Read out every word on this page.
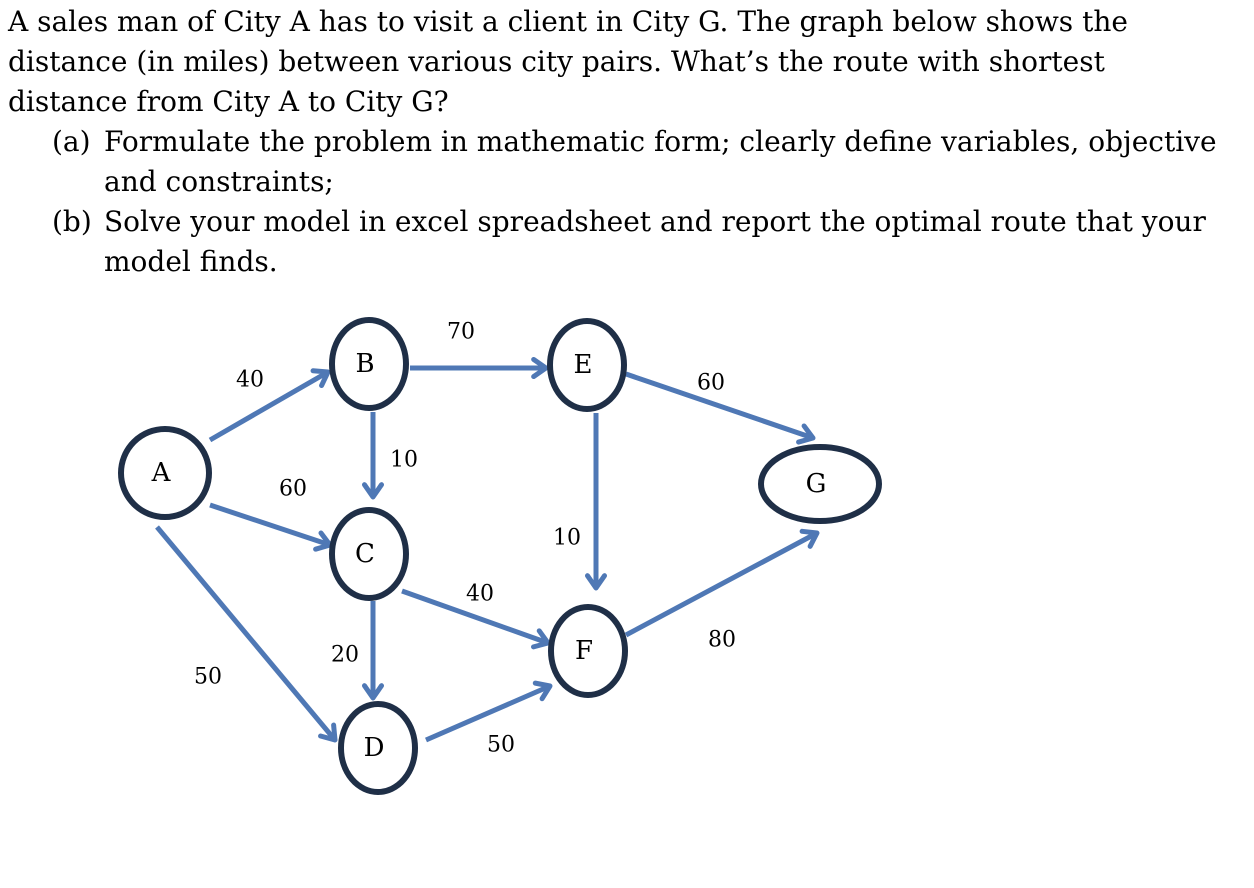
A sales man of City A has to visit a client in City G. The graph below shows the distance (in miles) between various city pairs. What’s the route with shortest distance from City A to City G?

(a) Formulate the problem in mathematic form; clearly define variables, objective and constraints;
(b) Solve your model in excel spreadsheet and report the optimal route that your model finds.
40
60
50
10
70
20
40
50
10
60
80
A
B
C
D
E
F
G
